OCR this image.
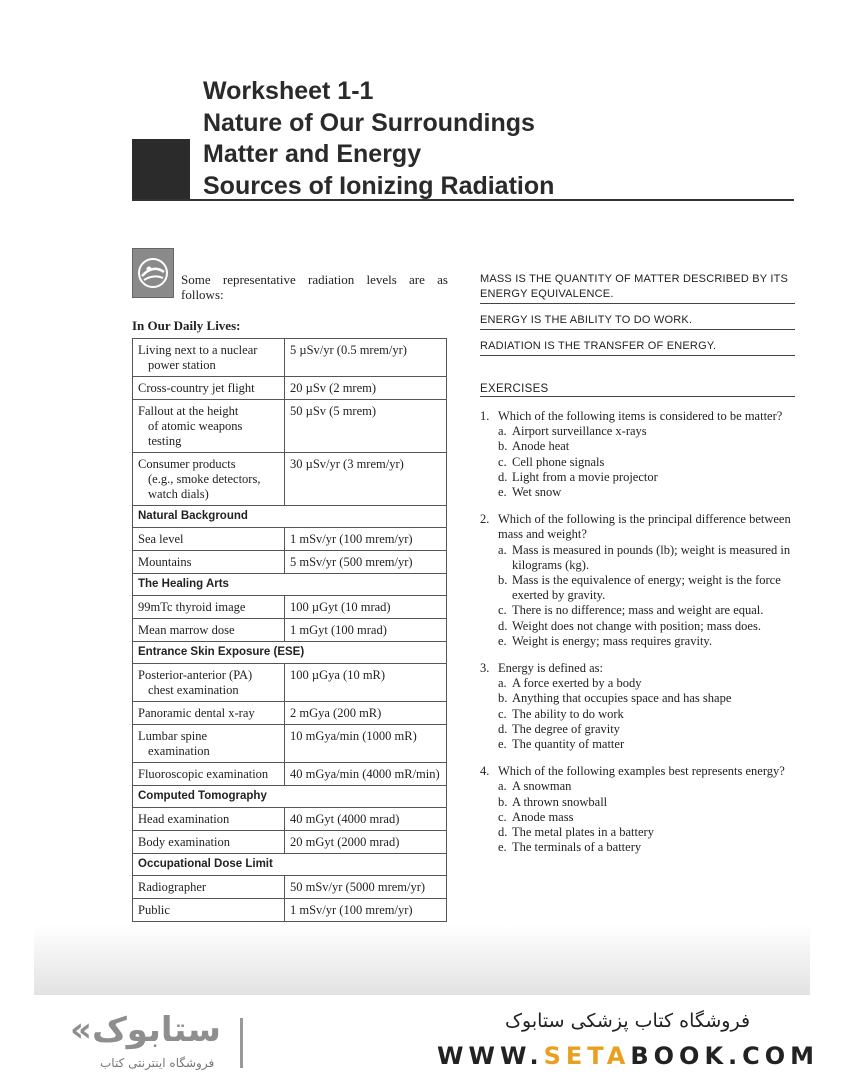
Worksheet 1-1
Nature of Our Surroundings
Matter and Energy
Sources of Ionizing Radiation
Some representative radiation levels are as follows:
In Our Daily Lives:
Living next to a nuclear
power station	5 µSv/yr (0.5 mrem/yr)

Cross-country jet flight	20 µSv (2 mrem)

Fallout at the height
of atomic weapons
testing	50 µSv (5 mrem)

Consumer products
(e.g., smoke detectors,
watch dials)	30 µSv/yr (3 mrem/yr)
Natural Background	

Sea level	1 mSv/yr (100 mrem/yr)

Mountains	5 mSv/yr (500 mrem/yr)
The Healing Arts	

99mTc thyroid image	100 µGyt (10 mrad)

Mean marrow dose	1 mGyt (100 mrad)
Entrance Skin Exposure (ESE)	

Posterior-anterior (PA)
chest examination	100 µGya (10 mR)

Panoramic dental x-ray	2 mGya (200 mR)

Lumbar spine
examination	10 mGya/min (1000 mR)

Fluoroscopic examination	40 mGya/min (4000 mR/min)
Computed Tomography	

Head examination	40 mGyt (4000 mrad)

Body examination	20 mGyt (2000 mrad)
Occupational Dose Limit	

Radiographer	50 mSv/yr (5000 mrem/yr)

Public	1 mSv/yr (100 mrem/yr)
MASS IS THE QUANTITY OF MATTER DESCRIBED BY ITS ENERGY EQUIVALENCE.
ENERGY IS THE ABILITY TO DO WORK.
RADIATION IS THE TRANSFER OF ENERGY.
EXERCISES
1. Which of the following items is considered to be matter?
a. Airport surveillance x-rays
b. Anode heat
c. Cell phone signals
d. Light from a movie projector
e. Wet snow
2. Which of the following is the principal difference between mass and weight?
a. Mass is measured in pounds (lb); weight is measured in kilograms (kg).
b. Mass is the equivalence of energy; weight is the force exerted by gravity.
c. There is no difference; mass and weight are equal.
d. Weight does not change with position; mass does.
e. Weight is energy; mass requires gravity.
3. Energy is defined as:
a. A force exerted by a body
b. Anything that occupies space and has shape
c. The ability to do work
d. The degree of gravity
e. The quantity of matter
4. Which of the following examples best represents energy?
a. A snowman
b. A thrown snowball
c. Anode mass
d. The metal plates in a battery
e. The terminals of a battery
«ستابوک
فروشگاه اینترنتی کتاب
فروشگاه کتاب پزشکی ستابوک
WWW.SETABOOK.COM
